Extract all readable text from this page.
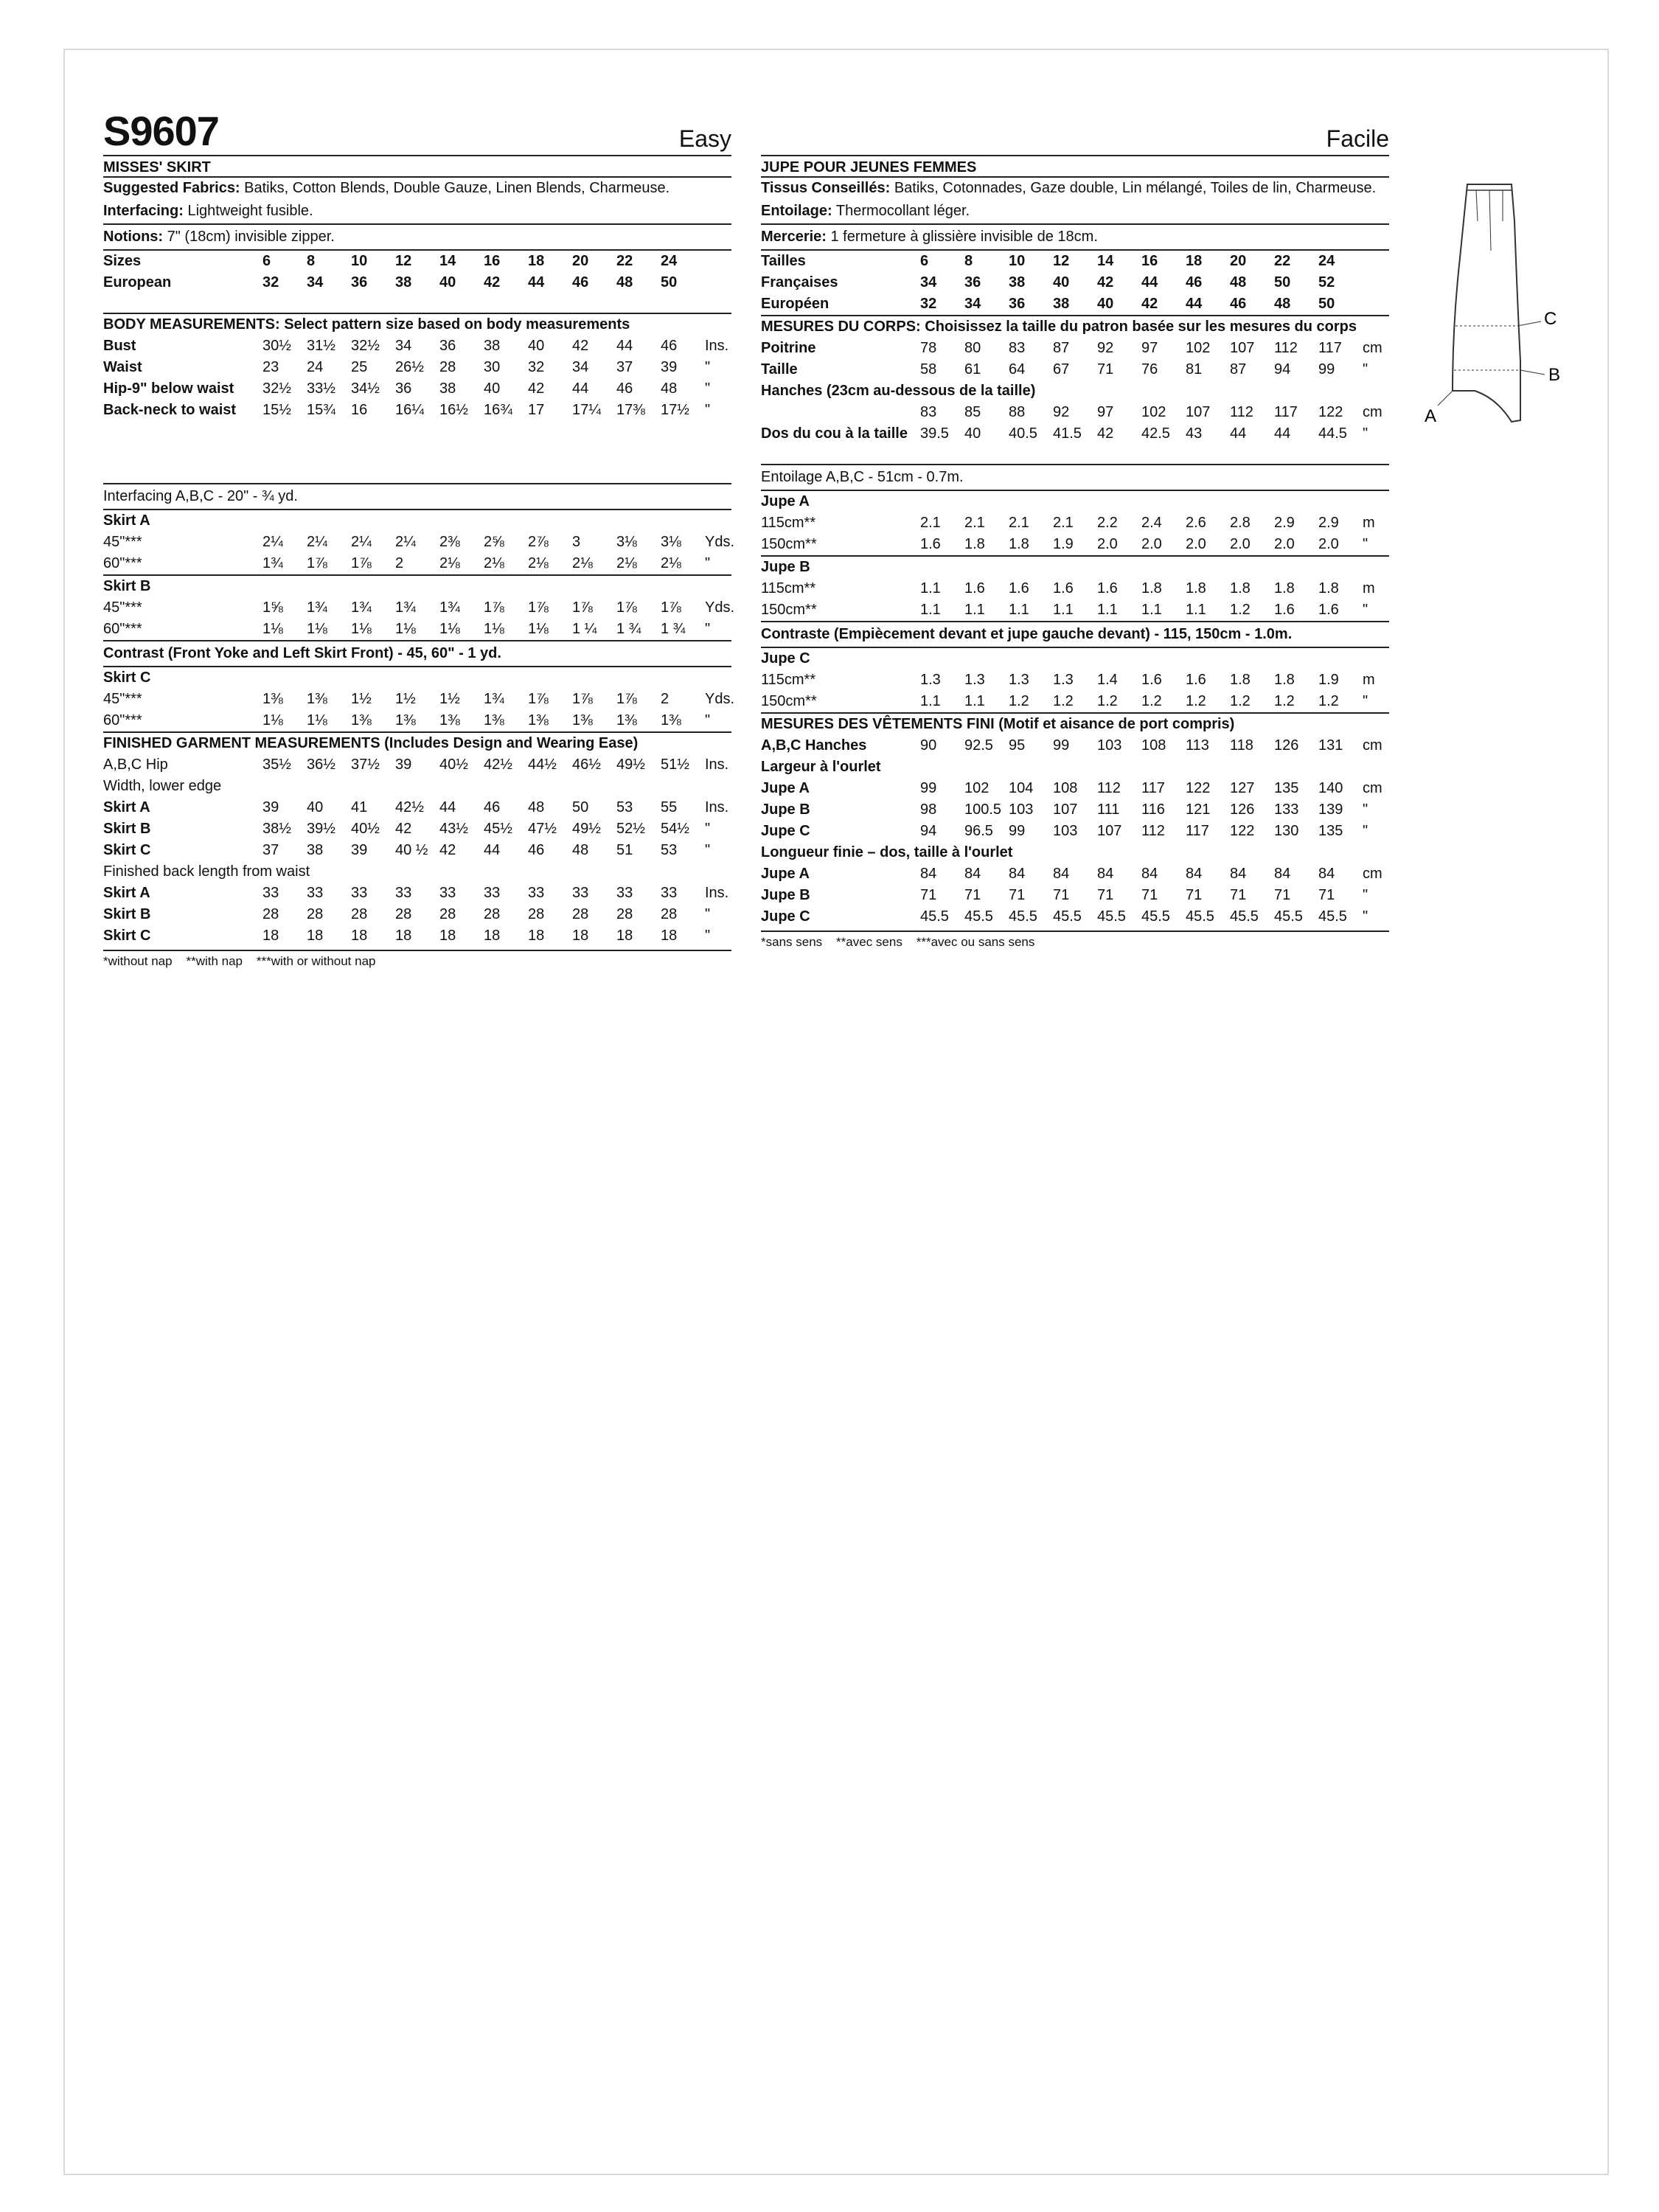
S9607	Easy	Facile
MISSES' SKIRT
Suggested Fabrics: Batiks, Cotton Blends, Double Gauze, Linen Blends, Charmeuse.
Interfacing: Lightweight fusible.
Notions: 7" (18cm) invisible zipper.
Sizes	6 8 10 12 14 16 18 20 22 24
European	32 34 36 38 40 42 44 46 48 50
BODY MEASUREMENTS: Select pattern size based on body measurements
Bust	30½ 31½ 32½ 34 36 38 40 42 44 46 Ins.
Waist	23 24 25 26½ 28 30 32 34 37 39 "
Hip-9" below waist 32½ 33½ 34½ 36 38 40 42 44 46 48 "
Back-neck to waist 15½ 15¾ 16 16¼ 16½ 16¾ 17 17¼ 17⅜ 17½ "
Interfacing A,B,C - 20" - ¾ yd.
Skirt A
45"***	2¼ 2¼ 2¼ 2¼ 2⅜ 2⅝ 2⅞ 3 3⅛ 3⅛ Yds.
60"***	1¾ 1⅞ 1⅞ 2 2⅛ 2⅛ 2⅛ 2⅛ 2⅛ 2⅛ "
Skirt B
45"***	1⅝ 1¾ 1¾ 1¾ 1¾ 1⅞ 1⅞ 1⅞ 1⅞ 1⅞ Yds.
60"***	1⅛ 1⅛ 1⅛ 1⅛ 1⅛ 1⅛ 1⅛ 1 ¼ 1 ¾ 1 ¾ "
Contrast (Front Yoke and Left Skirt Front) - 45, 60" - 1 yd.
Skirt C
45"***	1⅜ 1⅜ 1½ 1½ 1½ 1¾ 1⅞ 1⅞ 1⅞ 2 Yds.
60"***	1⅛ 1⅛ 1⅜ 1⅜ 1⅜ 1⅜ 1⅜ 1⅜ 1⅜ 1⅜ "
FINISHED GARMENT MEASUREMENTS (Includes Design and Wearing Ease)
A,B,C Hip	35½ 36½ 37½ 39 40½ 42½ 44½ 46½ 49½ 51½ Ins.
Width, lower edge
Skirt A	39 40 41 42½ 44 46 48 50 53 55 Ins.
Skirt B	38½ 39½ 40½ 42 43½ 45½ 47½ 49½ 52½ 54½ "
Skirt C	37 38 39 40 ½ 42 44 46 48 51 53 "
Finished back length from waist
Skirt A	33 33 33 33 33 33 33 33 33 33 Ins.
Skirt B	28 28 28 28 28 28 28 28 28 28 "
Skirt C	18 18 18 18 18 18 18 18 18 18 "
*without nap    **with nap    ***with or without nap
JUPE POUR JEUNES FEMMES
Tissus Conseillés: Batiks, Cotonnades, Gaze double, Lin mélangé, Toiles de lin, Charmeuse.
Entoilage: Thermocollant léger.
Mercerie: 1 fermeture à glissière invisible de 18cm.
Tailles	6 8 10 12 14 16 18 20 22 24
Françaises	34 36 38 40 42 44 46 48 50 52
Européen	32 34 36 38 40 42 44 46 48 50
MESURES DU CORPS: Choisissez la taille du patron basée sur les mesures du corps
Poitrine	78 80 83 87 92 97 102 107 112 117 cm
Taille	58 61 64 67 71 76 81 87 94 99 "
Hanches (23cm au-dessous de la taille)
83 85 88 92 97 102 107 112 117 122 cm
Dos du cou à la taille 39.5 40 40.5 41.5 42 42.5 43 44 44 44.5 "
Entoilage A,B,C - 51cm - 0.7m.
Jupe A
115cm**	2.1 2.1 2.1 2.1 2.2 2.4 2.6 2.8 2.9 2.9 m
150cm**	1.6 1.8 1.8 1.9 2.0 2.0 2.0 2.0 2.0 2.0 "
Jupe B
115cm**	1.1 1.6 1.6 1.6 1.6 1.8 1.8 1.8 1.8 1.8 m
150cm**	1.1 1.1 1.1 1.1 1.1 1.1 1.1 1.2 1.6 1.6 "
Contraste (Empiècement devant et jupe gauche devant) - 115, 150cm - 1.0m.
Jupe C
115cm**	1.3 1.3 1.3 1.3 1.4 1.6 1.6 1.8 1.8 1.9 m
150cm**	1.1 1.1 1.2 1.2 1.2 1.2 1.2 1.2 1.2 1.2 "
MESURES DES VÊTEMENTS FINI (Motif et aisance de port compris)
A,B,C Hanches	90 92.5 95 99 103 108 113 118 126 131 cm
Largeur à l'ourlet
Jupe A	99 102 104 108 112 117 122 127 135 140 cm
Jupe B	98 100.5 103 107 111 116 121 126 133 139 "
Jupe C	94 96.5 99 103 107 112 117 122 130 135 "
Longueur finie – dos, taille à l'ourlet
Jupe A	84 84 84 84 84 84 84 84 84 84 cm
Jupe B	71 71 71 71 71 71 71 71 71 71 "
Jupe C	45.5 45.5 45.5 45.5 45.5 45.5 45.5 45.5 45.5 45.5 "
*sans sens    **avec sens    ***avec ou sans sens
C
B
A
